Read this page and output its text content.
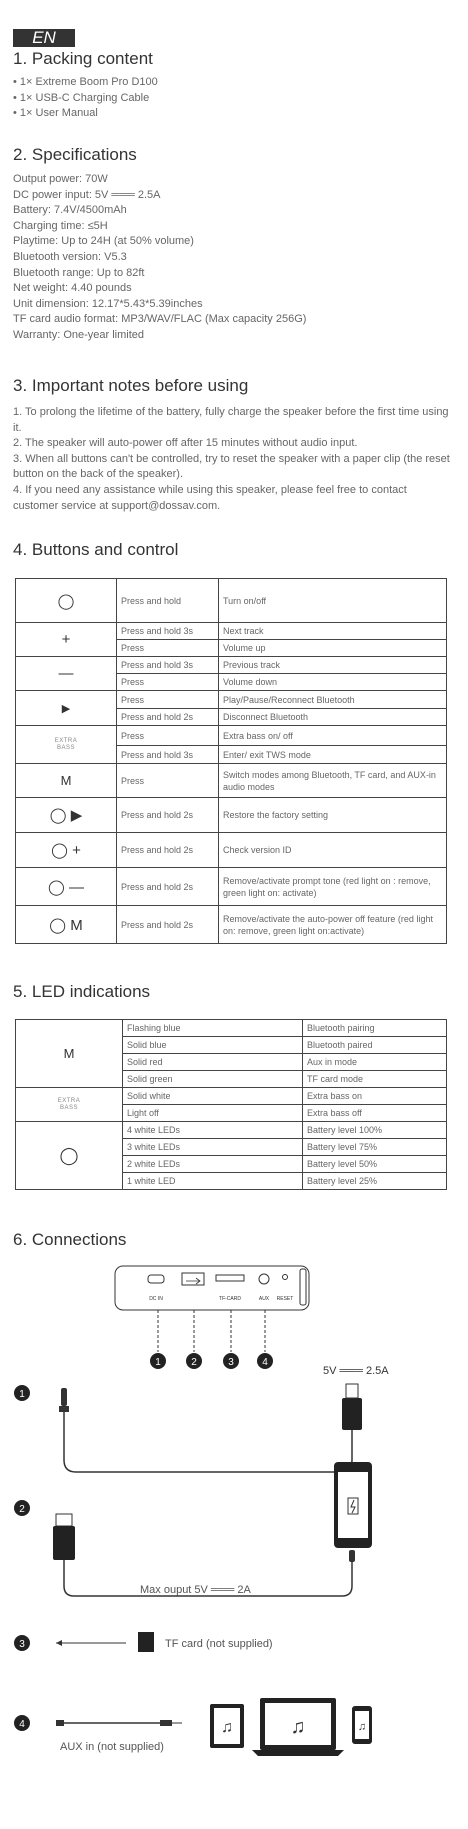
EN
1. Packing content
• 1× Extreme Boom Pro D100
• 1× USB-C Charging Cable
• 1× User Manual
2. Specifications
Output power: 70W
DC power input: 5V ═══ 2.5A
Battery: 7.4V/4500mAh
Charging time: ≤5H
Playtime: Up to 24H (at 50% volume)
Bluetooth version: V5.3
Bluetooth range: Up to 82ft
Net weight: 4.40 pounds
Unit dimension: 12.17*5.43*5.39inches
TF card audio format: MP3/WAV/FLAC (Max capacity 256G)
Warranty: One-year limited
3. Important notes before using
1. To prolong the lifetime of the battery, fully charge the speaker before the first time using it.
2. The speaker will auto-power off after 15 minutes without audio input.
3. When all buttons can't be controlled, try to reset the speaker with a paper clip (the reset button on the back of the speaker).
4. If you need any assistance while using this speaker, please feel free to contact customer service at support@dossav.com.
4. Buttons and control
◯	Press and hold	Turn on/off
+	Press and hold 3s	Next track
	Press	Volume up
—	Press and hold 3s	Previous track
	Press	Volume down
▶	Press	Play/Pause/Reconnect Bluetooth
	Press and hold 2s	Disconnect Bluetooth

EXTRA BASS	Press	Extra bass on/ off
	Press and hold 3s	Enter/ exit TWS mode
M	Press	Switch modes among Bluetooth, TF card, and AUX-in audio modes
◯ ▶	Press and hold 2s	Restore the factory setting
◯ +	Press and hold 2s	Check version ID
◯ —	Press and hold 2s	Remove/activate prompt tone (red light on : remove, green light on: activate)
◯ M	Press and hold 2s	Remove/activate the auto-power off feature (red light on: remove, green light on:activate)
5. LED indications
M	Flashing blue	Bluetooth pairing
	Solid blue	Bluetooth paired
	Solid red	Aux in mode
	Solid green	TF card mode

EXTRA BASS	Solid white	Extra bass on
	Light off	Extra bass off
◯	4 white LEDs	Battery level 100%
	3 white LEDs	Battery level 75%
	2 white LEDs	Battery level 50%
	1 white LED	Battery level 25%
6. Connections
DC IN	TF-CARD	AUX RESET
1	2	3	4
1
5V ═══ 2.5A
2
Max ouput 5V ═══ 2A
3	TF card (not supplied)
4
AUX in (not supplied)
♫	♫	♫
